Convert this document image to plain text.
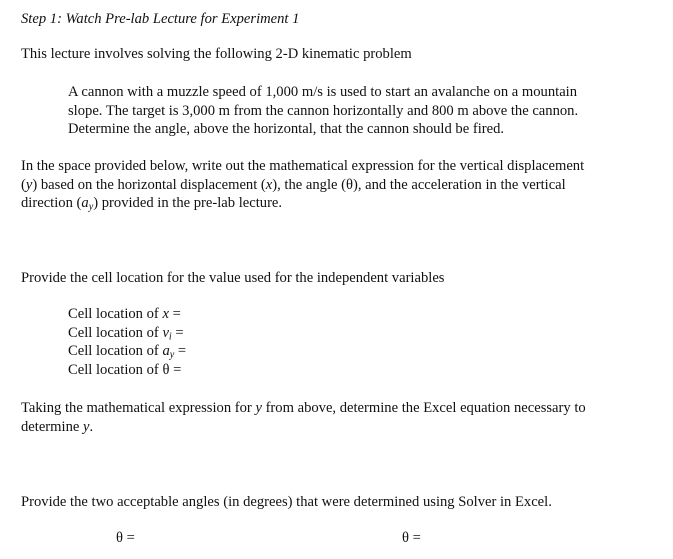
Step 1: Watch Pre-lab Lecture for Experiment 1
This lecture involves solving the following 2-D kinematic problem
A cannon with a muzzle speed of 1,000 m/s is used to start an avalanche on a mountain
slope. The target is 3,000 m from the cannon horizontally and 800 m above the cannon.
Determine the angle, above the horizontal, that the cannon should be fired.
In the space provided below, write out the mathematical expression for the vertical displacement
(y) based on the horizontal displacement (x), the angle (θ), and the acceleration in the vertical
direction $(a_y)$ provided in the pre-lab lecture.
Provide the cell location for the value used for the independent variables
Cell location of x =
Cell location of $v_i$ =
Cell location of $a_y$ =
Cell location of θ =
Taking the mathematical expression for y from above, determine the Excel equation necessary to
determine y.
Provide the two acceptable angles (in degrees) that were determined using Solver in Excel.
θ =	θ =
